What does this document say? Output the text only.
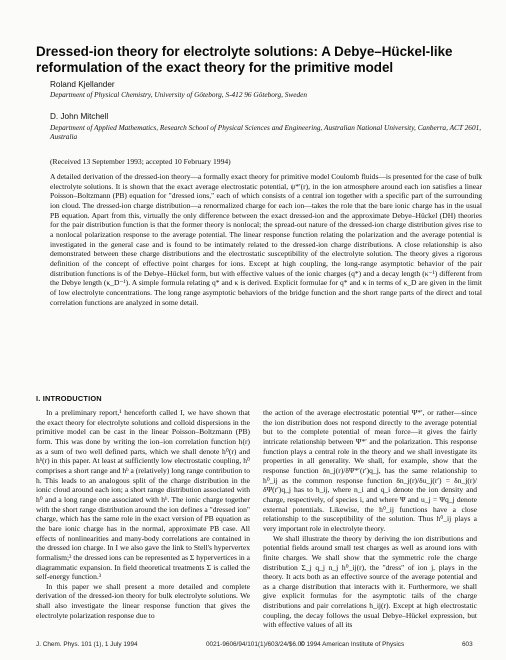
Dressed-ion theory for electrolyte solutions: A Debye–Hückel-like reformulation of the exact theory for the primitive model
Roland Kjellander
Department of Physical Chemistry, University of Göteborg, S-412 96 Göteborg, Sweden
D. John Mitchell
Department of Applied Mathematics, Research School of Physical Sciences and Engineering, Australian National University, Canberra, ACT 2601, Australia
(Received 13 September 1993; accepted 10 February 1994)

A detailed derivation of the dressed-ion theory—a formally exact theory for primitive model Coulomb fluids—is presented for the case of bulk electrolyte solutions. It is shown that the exact average electrostatic potential, ψ*′(r), in the ion atmosphere around each ion satisfies a linear Poisson–Boltzmann (PB) equation for "dressed ions," each of which consists of a central ion together with a specific part of the surrounding ion cloud. The dressed-ion charge distribution—a renormalized charge for each ion—takes the role that the bare ionic charge has in the usual PB equation. Apart from this, virtually the only difference between the exact dressed-ion and the approximate Debye–Hückel (DH) theories for the pair distribution function is that the former theory is nonlocal; the spread-out nature of the dressed-ion charge distribution gives rise to a nonlocal polarization response to the average potential. The linear response function relating the polarization and the average potential is investigated in the general case and is found to be intimately related to the dressed-ion charge distributions. A close relationship is also demonstrated between these charge distributions and the electrostatic susceptibility of the electrolyte solution. The theory gives a rigorous definition of the concept of effective point charges for ions. Except at high coupling, the long-range asymptotic behavior of the pair distribution functions is of the Debye–Hückel form, but with effective values of the ionic charges (q*) and a decay length (κ⁻¹) different from the Debye length (κ_D⁻¹). A simple formula relating q* and κ is derived. Explicit formulae for q* and κ in terms of κ_D are given in the limit of low electrolyte concentrations. The long range asymptotic behaviors of the bridge function and the short range parts of the direct and total correlation functions are analyzed in some detail.

I. INTRODUCTION

In a preliminary report,¹ henceforth called I, we have shown that the exact theory for electrolyte solutions and colloid dispersions in the primitive model can be cast in the linear Poisson–Boltzmann (PB) form. This was done by writing the ion–ion correlation function h(r) as a sum of two well defined parts, which we shall denote h⁰(r) and hᵇ(r) in this paper. At least at sufficiently low electrostatic coupling, h⁰ comprises a short range and hᵇ a (relatively) long range contribution to h. This leads to an analogous split of the charge distribution in the ionic cloud around each ion; a short range distribution associated with h⁰ and a long range one associated with hᵇ. The ionic charge together with the short range distribution around the ion defines a "dressed ion" charge, which has the same role in the exact version of PB equation as the bare ionic charge has in the normal, approximate PB case. All effects of nonlinearities and many-body correlations are contained in the dressed ion charge. In I we also gave the link to Stell's hypervertex formalism;² the dressed ions can be represented as Σ hypervertices in a diagrammatic expansion. In field theoretical treatments Σ is called the self-energy function.³

In this paper we shall present a more detailed and complete derivation of the dressed-ion theory for bulk electrolyte solutions. We shall also investigate the linear response function that gives the electrolyte polarization response due to

the action of the average electrostatic potential Ψ*′, or rather—since the ion distribution does not respond directly to the average potential but to the complete potential of mean force—it gives the fairly intricate relationship between Ψ*′ and the polarization. This response function plays a central role in the theory and we shall investigate its properties in all generality. We shall, for example, show that the response function δn_j(r)/δΨ*′(r′)q_j, has the same relationship to h⁰_ij as the common response function δn_j(r)/δu_j(r′) = δn_j(r)/δΨ(r′)q_j has to h_ij, where n_i and q_i denote the ion density and charge, respectively, of species i, and where Ψ and u_j = Ψq_j denote external potentials. Likewise, the h⁰_ij functions have a close relationship to the susceptibility of the solution. Thus h⁰_ij plays a very important role in electrolyte theory.

We shall illustrate the theory by deriving the ion distributions and potential fields around small test charges as well as around ions with finite charges. We shall show that the symmetric role the charge distribution Σ_j q_j n_j h⁰_ij(r), the "dress" of ion j, plays in the theory. It acts both as an effective source of the average potential and as a charge distribution that interacts with it. Furthermore, we shall give explicit formulas for the asymptotic tails of the charge distributions and pair correlations h_ij(r). Except at high electrostatic coupling, the decay follows the usual Debye–Hückel expression, but with effective values of all its

J. Chem. Phys. 101 (1), 1 July 1994	0021-9606/94/101(1)/603/24/$6.00
© 1994 American Institute of Physics	603
